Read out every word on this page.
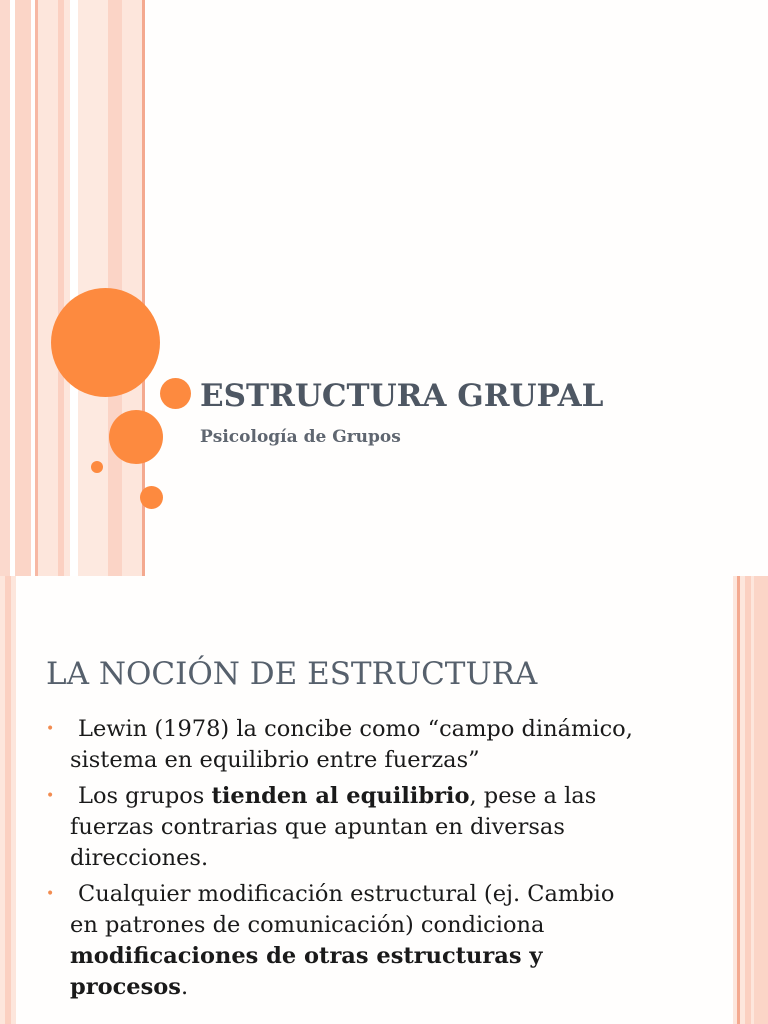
ESTRUCTURA GRUPAL
Psicología de Grupos
LA NOCIÓN DE ESTRUCTURA
• Lewin (1978) la concibe como “campo dinámico, sistema en equilibrio entre fuerzas”
• Los grupos tienden al equilibrio, pese a las fuerzas contrarias que apuntan en diversas direcciones.
• Cualquier modificación estructural (ej. Cambio en patrones de comunicación) condiciona modificaciones de otras estructuras y procesos.
